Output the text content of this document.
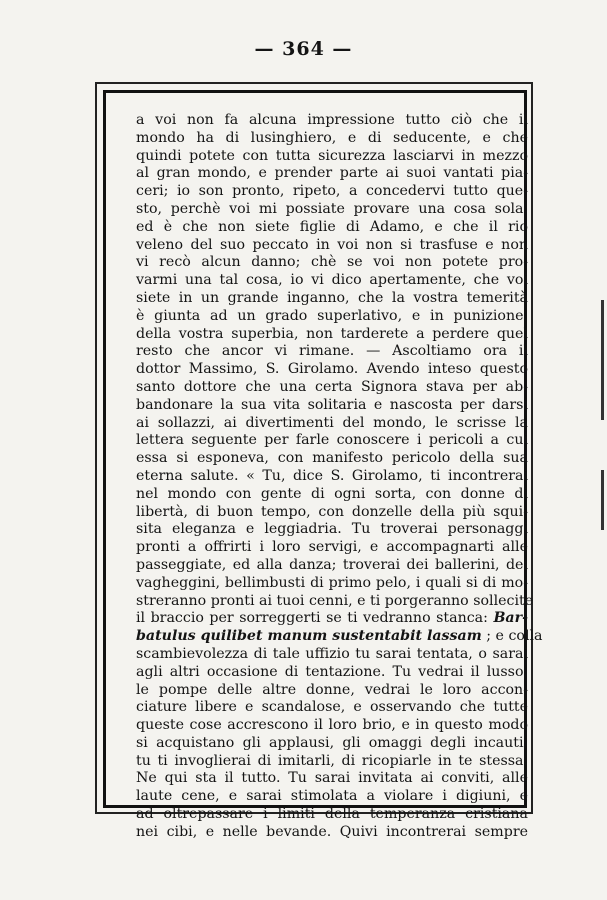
— 364 —
a voi non fa alcuna impressione tutto ciò che il
mondo ha di lusinghiero, e di seducente, e che
quindi potete con tutta sicurezza lasciarvi in mezzo
al gran mondo, e prender parte ai suoi vantati pia-
ceri; io son pronto, ripeto, a concedervi tutto que-
sto, perchè voi mi possiate provare una cosa sola,
ed è che non siete figlie di Adamo, e che il rio
veleno del suo peccato in voi non si trasfuse e non
vi recò alcun danno; chè se voi non potete pro-
varmi una tal cosa, io vi dico apertamente, che voi
siete in un grande inganno, che la vostra temerità
è giunta ad un grado superlativo, e in punizione,
della vostra superbia, non tarderete a perdere quel
resto che ancor vi rimane. — Ascoltiamo ora il
dottor Massimo, S. Girolamo. Avendo inteso questo
santo dottore che una certa Signora stava per ab-
bandonare la sua vita solitaria e nascosta per darsi
ai sollazzi, ai divertimenti del mondo, le scrisse la
lettera seguente per farle conoscere i pericoli a cui
essa si esponeva, con manifesto pericolo della sua
eterna salute. « Tu, dice S. Girolamo, ti incontrerai
nel mondo con gente di ogni sorta, con donne di
libertà, di buon tempo, con donzelle della più squi-
sita eleganza e leggiadria. Tu troverai personaggi
pronti a offrirti i loro servigi, e accompagnarti alle
passeggiate, ed alla danza; troverai dei ballerini, dei
vagheggini, bellimbusti di primo pelo, i quali si di mo-
streranno pronti ai tuoi cenni, e ti porgeranno sollecite
il braccio per sorreggerti se ti vedranno stanca: Bar-
batulus quilibet manum sustentabit lassam ; e colla
scambievolezza di tale uffizio tu sarai tentata, o sarai
agli altri occasione di tentazione. Tu vedrai il lusso,
le pompe delle altre donne, vedrai le loro accon-
ciature libere e scandalose, e osservando che tutte
queste cose accrescono il loro brio, e in questo modo
si acquistano gli applausi, gli omaggi degli incauti,
tu ti invoglierai di imitarli, di ricopiarle in te stessa.
Ne qui sta il tutto. Tu sarai invitata ai conviti, alle
laute cene, e sarai stimolata a violare i digiuni, e
ad oltrepassare i limiti della temperanza cristiana
nei cibi, e nelle bevande. Quivi incontrerai sempre
